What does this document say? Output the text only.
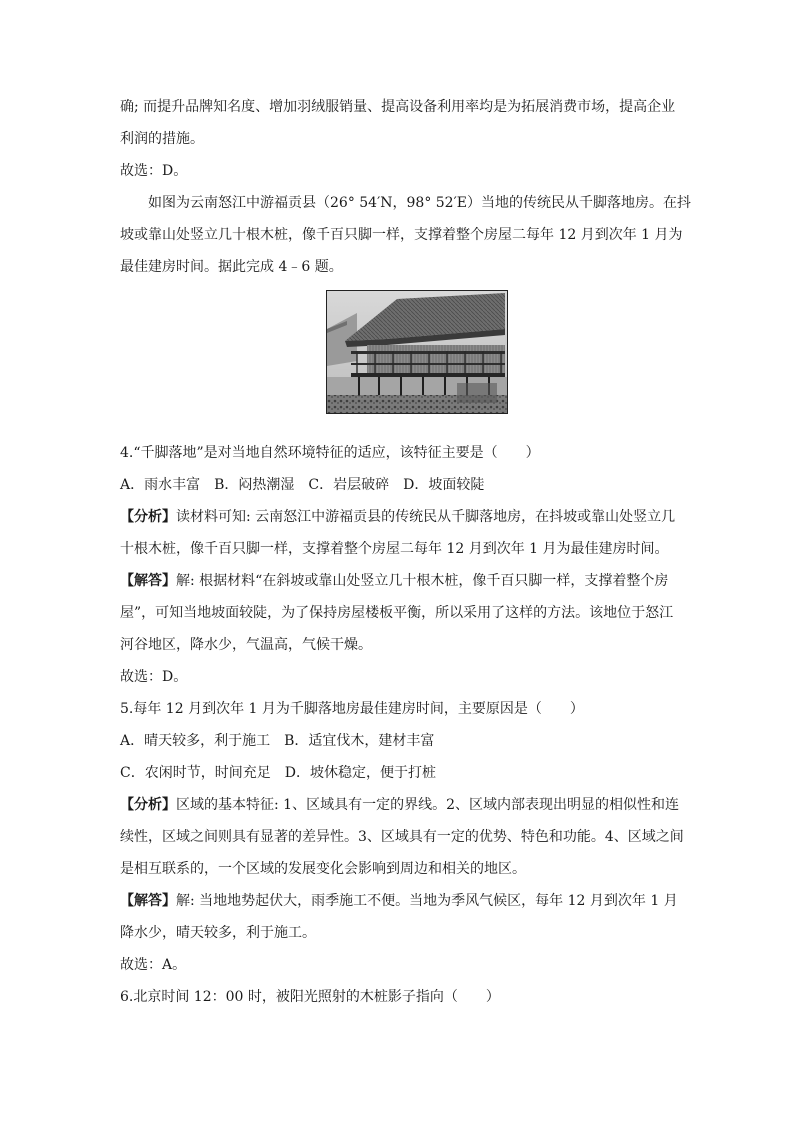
确; 而提升品牌知名度、增加羽绒服销量、提高设备利用率均是为拓展消费市场，提高企业

利润的措施。

故选：D。

如图为云南怒江中游福贡县（26° 54′N，98° 52′E）当地的传统民从千脚落地房。在抖

坡或靠山处竖立几十根木桩，像千百只脚一样，支撑着整个房屋二每年 12 月到次年 1 月为

最佳建房时间。据此完成 4﹣6 题。

4.“千脚落地”是对当地自然环境特征的适应，该特征主要是（　　）

A．雨水丰富 B．闷热潮湿 C．岩层破碎 D．坡面较陡

【分析】 读材料可知: 云南怒江中游福贡县的传统民从千脚落地房，在抖坡或靠山处竖立几

十根木桩，像千百只脚一样，支撑着整个房屋二每年 12 月到次年 1 月为最佳建房时间。

【解答】 解: 根据材料“在斜坡或靠山处竖立几十根木桩，像千百只脚一样，支撑着整个房

屋”，可知当地坡面较陡，为了保持房屋楼板平衡，所以采用了这样的方法。该地位于怒江

河谷地区，降水少，气温高，气候干燥。

故选：D。

5.每年 12 月到次年 1 月为千脚落地房最佳建房时间，主要原因是（　　）

A．晴天较多，利于施工 B．适宜伐木，建材丰富

C．农闲时节，时间充足 D．坡休稳定，便于打桩

【分析】 区域的基本特征: 1、区域具有一定的界线。2、区域内部表现出明显的相似性和连

续性，区域之间则具有显著的差异性。3、区域具有一定的优势、特色和功能。4、区域之间

是相互联系的，一个区域的发展变化会影响到周边和相关的地区。

【解答】 解: 当地地势起伏大，雨季施工不便。当地为季风气候区，每年 12 月到次年 1 月

降水少，晴天较多，利于施工。

故选：A。

6.北京时间 12：00 时，被阳光照射的木桩影子指向（　　）
